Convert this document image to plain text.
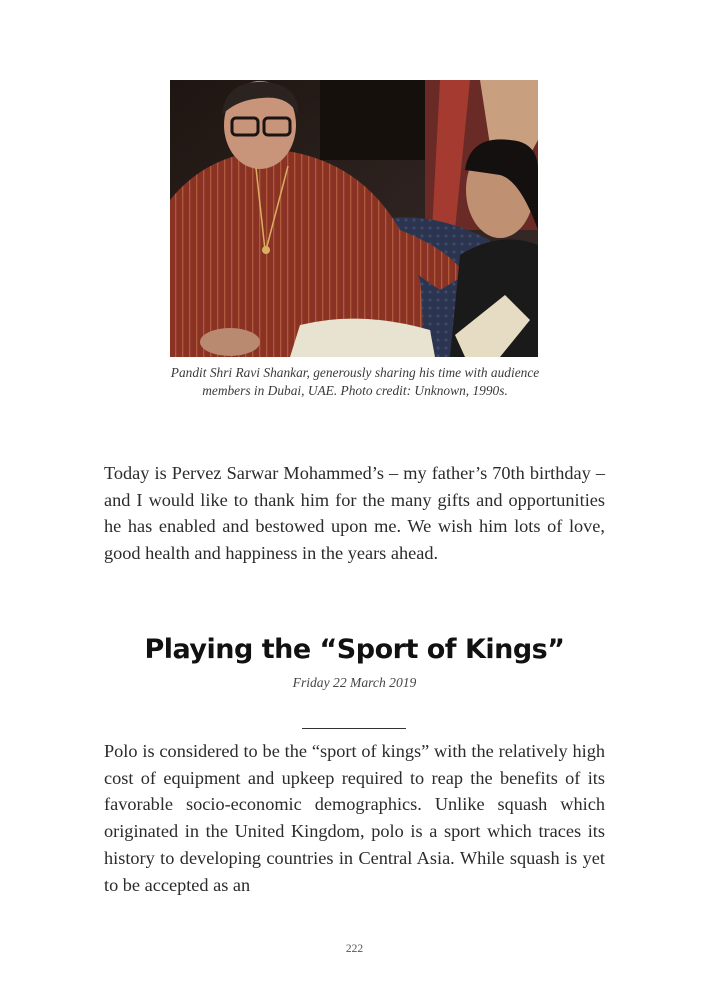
Pandit Shri Ravi Shankar, generously sharing his time with audience members in Dubai, UAE. Photo credit: Unknown, 1990s.

Today is Pervez Sarwar Mohammed’s – my father’s 70th birthday – and I would like to thank him for the many gifts and opportunities he has enabled and bestowed upon me. We wish him lots of love, good health and happiness in the years ahead.

Playing the “Sport of Kings”
Friday 22 March 2019

Polo is considered to be the “sport of kings” with the relatively high cost of equipment and upkeep required to reap the benefits of its favorable socio-economic demographics. Unlike squash which originated in the United Kingdom, polo is a sport which traces its history to developing countries in Central Asia. While squash is yet to be accepted as an

222
